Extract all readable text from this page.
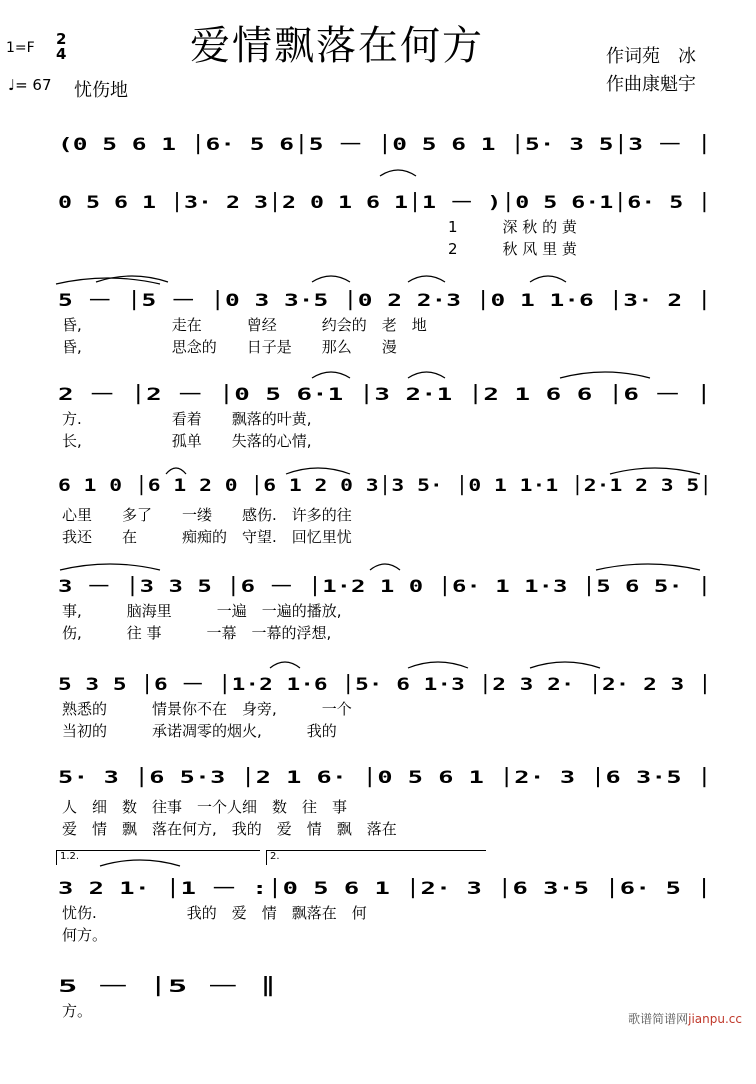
爱情飘落在何方
1=F 2
4
♩= 67 忧伤地
作词苑　冰
作曲康魁宇
(0 5 6 1 │6· 5 6│5 － │0 5 6 1 │5· 3 5│3 － │
0 5 6 1 │3· 2 3│2 0 1 6 1│1 － )│0 5 6·1│6· 5 │
1　　　深 秋 的 黄
2　　　秋 风 里 黄
5 － │5 － │0 3 3·5 │0 2 2·3 │0 1 1·6 │3· 2 │
昏,　　　　　　走在　　　曾经　　　约会的　老　地
昏,　　　　　　思念的　　日子是　　那么　　漫
2 － │2 － │0 5 6·1 │3 2·1 │2 1 6 6 │6 － │
方.　　　　　　看着　　飘落的叶黄,
长,　　　　　　孤单　　失落的心情,
6 1 0 │6 1 2 0 │6 1 2 0 3│3 5· │0 1 1·1 │2·1 2 3 5│
心里　　多了　　一缕　　感伤.　许多的往
我还　　在　　　痴痴的　守望.　回忆里忧
3 － │3 3 5 │6 － │1·2 1 0 │6· 1 1·3 │5 6 5· │
事,　　　脑海里　　　一遍　一遍的播放,
伤,　　　往 事　　　一幕　一幕的浮想,
5 3 5 │6 － │1·2 1·6 │5· 6 1·3 │2 3 2· │2· 2 3 │
熟悉的　　　情景你不在　身旁,　　　一个
当初的　　　承诺凋零的烟火,　　　我的
5· 3 │6 5·3 │2 1 6· │0 5 6 1 │2· 3 │6 3·5 │
人　细　数　往事　一个人细　数　往　事
爱　情　飘　落在何方,　我的　爱　情　飘　落在
3 2 1· │1 － :│0 5 6 1 │2· 3 │6 3·5 │6· 5 │
忧伤.　　　　　　我的　爱　情　飘落在　何
何方。
5 － │5 － ║
方。
1.2.	2.
歌谱简谱网jianpu.cc
